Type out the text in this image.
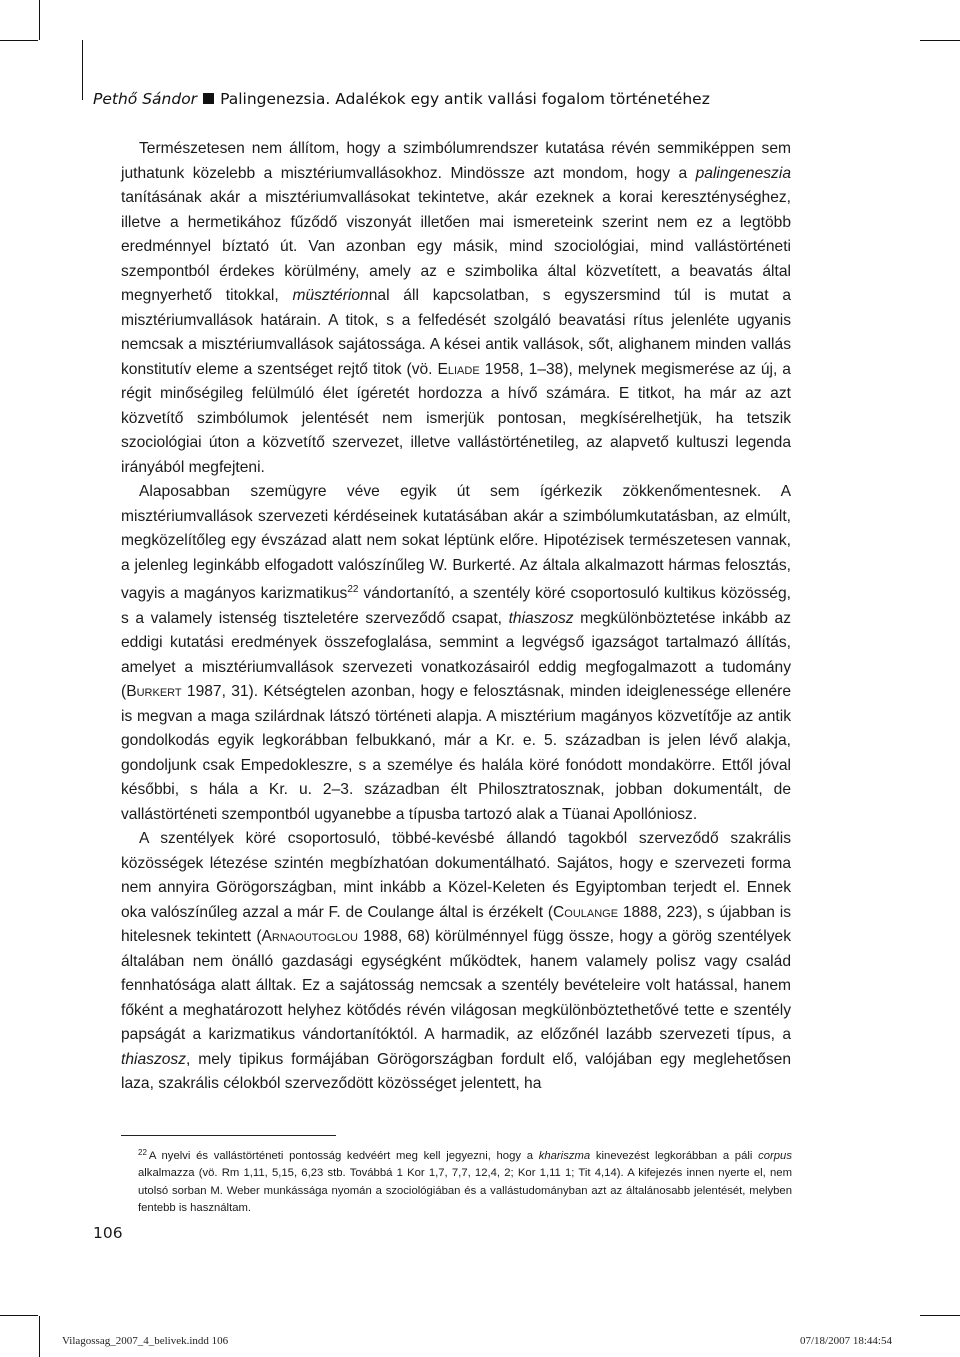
Pethő Sándor Palingenezsia. Adalékok egy antik vallási fogalom történetéhez

Természetesen nem állítom, hogy a szimbólumrendszer kutatása révén semmiképpen sem juthatunk közelebb a misztériumvallásokhoz. Mindössze azt mondom, hogy a palingeneszia tanításának akár a misztériumvallásokat tekintetve, akár ezeknek a korai kereszténységhez, illetve a hermetikához fűződő viszonyát illetően mai ismereteink szerint nem ez a legtöbb eredménnyel bíztató út. Van azonban egy másik, mind szociológiai, mind vallástörténeti szempontból érdekes körülmény, amely az e szimbolika által közvetített, a beavatás által megnyerhető titokkal, müsztérionnal áll kapcsolatban, s egyszersmind túl is mutat a misztériumvallások határain. A titok, s a felfedését szolgáló beavatási rítus jelenléte ugyanis nemcsak a misztériumvallások sajátossága. A kései antik vallások, sőt, alighanem minden vallás konstitutív eleme a szentséget rejtő titok (vö. Eliade 1958, 1–38), melynek megismerése az új, a régit minőségileg felülmúló élet ígéretét hordozza a hívő számára. E titkot, ha már az azt közvetítő szimbólumok jelentését nem ismerjük pontosan, megkísérelhetjük, ha tetszik szociológiai úton a közvetítő szervezet, illetve vallástörténetileg, az alapvető kultuszi legenda irányából megfejteni.

Alaposabban szemügyre véve egyik út sem ígérkezik zökkenőmentesnek. A misztériumvallások szervezeti kérdéseinek kutatásában akár a szimbólumkutatásban, az elmúlt, megközelítőleg egy évszázad alatt nem sokat léptünk előre. Hipotézisek természetesen vannak, a jelenleg leginkább elfogadott valószínűleg W. Burkerté. Az általa alkalmazott hármas felosztás, vagyis a magányos karizmatikus$^{22}$ vándortanító, a szentély köré csoportosuló kultikus közösség, s a valamely istenség tiszteletére szerveződő csapat, thiaszosz megkülönböztetése inkább az eddigi kutatási eredmények összefoglalása, semmint a legvégső igazságot tartalmazó állítás, amelyet a misztériumvallások szervezeti vonatkozásairól eddig megfogalmazott a tudomány (Burkert 1987, 31). Kétségtelen azonban, hogy e felosztásnak, minden ideiglenessége ellenére is megvan a maga szilárdnak látszó történeti alapja. A misztérium magányos közvetítője az antik gondolkodás egyik legkorábban felbukkanó, már a Kr. e. 5. században is jelen lévő alakja, gondoljunk csak Empedokleszre, s a személye és halála köré fonódott mondakörre. Ettől jóval későbbi, s hála a Kr. u. 2–3. században élt Philosztratosznak, jobban dokumentált, de vallástörténeti szempontból ugyanebbe a típusba tartozó alak a Tüanai Apollóniosz.

A szentélyek köré csoportosuló, többé-kevésbé állandó tagokból szerveződő szakrális közösségek létezése szintén megbízhatóan dokumentálható. Sajátos, hogy e szervezeti forma nem annyira Görögországban, mint inkább a Közel-Keleten és Egyiptomban terjedt el. Ennek oka valószínűleg azzal a már F. de Coulange által is érzékelt (Coulange 1888, 223), s újabban is hitelesnek tekintett (Arnaoutoglou 1988, 68) körülménnyel függ össze, hogy a görög szentélyek általában nem önálló gazdasági egységként működtek, hanem valamely polisz vagy család fennhatósága alatt álltak. Ez a sajátosság nemcsak a szentély bevételeire volt hatással, hanem főként a meghatározott helyhez kötődés révén világosan megkülönböztethetővé tette e szentély papságát a karizmatikus vándortanítóktól. A harmadik, az előzőnél lazább szervezeti típus, a thiaszosz, mely tipikus formájában Görögországban fordult elő, valójában egy meglehetősen laza, szakrális célokból szerveződött közösséget jelentett, ha

$^{22}$ A nyelvi és vallástörténeti pontosság kedvéért meg kell jegyezni, hogy a khariszma kinevezést legkorábban a páli corpus alkalmazza (vö. Rm 1,11, 5,15, 6,23 stb. Továbbá 1 Kor 1,7, 7,7, 12,4, 2; Kor 1,11 1; Tit 4,14). A kifejezés innen nyerte el, nem utolsó sorban M. Weber munkássága nyomán a szociológiában és a vallástudományban azt az általánosabb jelentését, melyben fentebb is használtam.
106
Vilagossag_2007_4_belivek.indd 106	07/18/2007 18:44:54
